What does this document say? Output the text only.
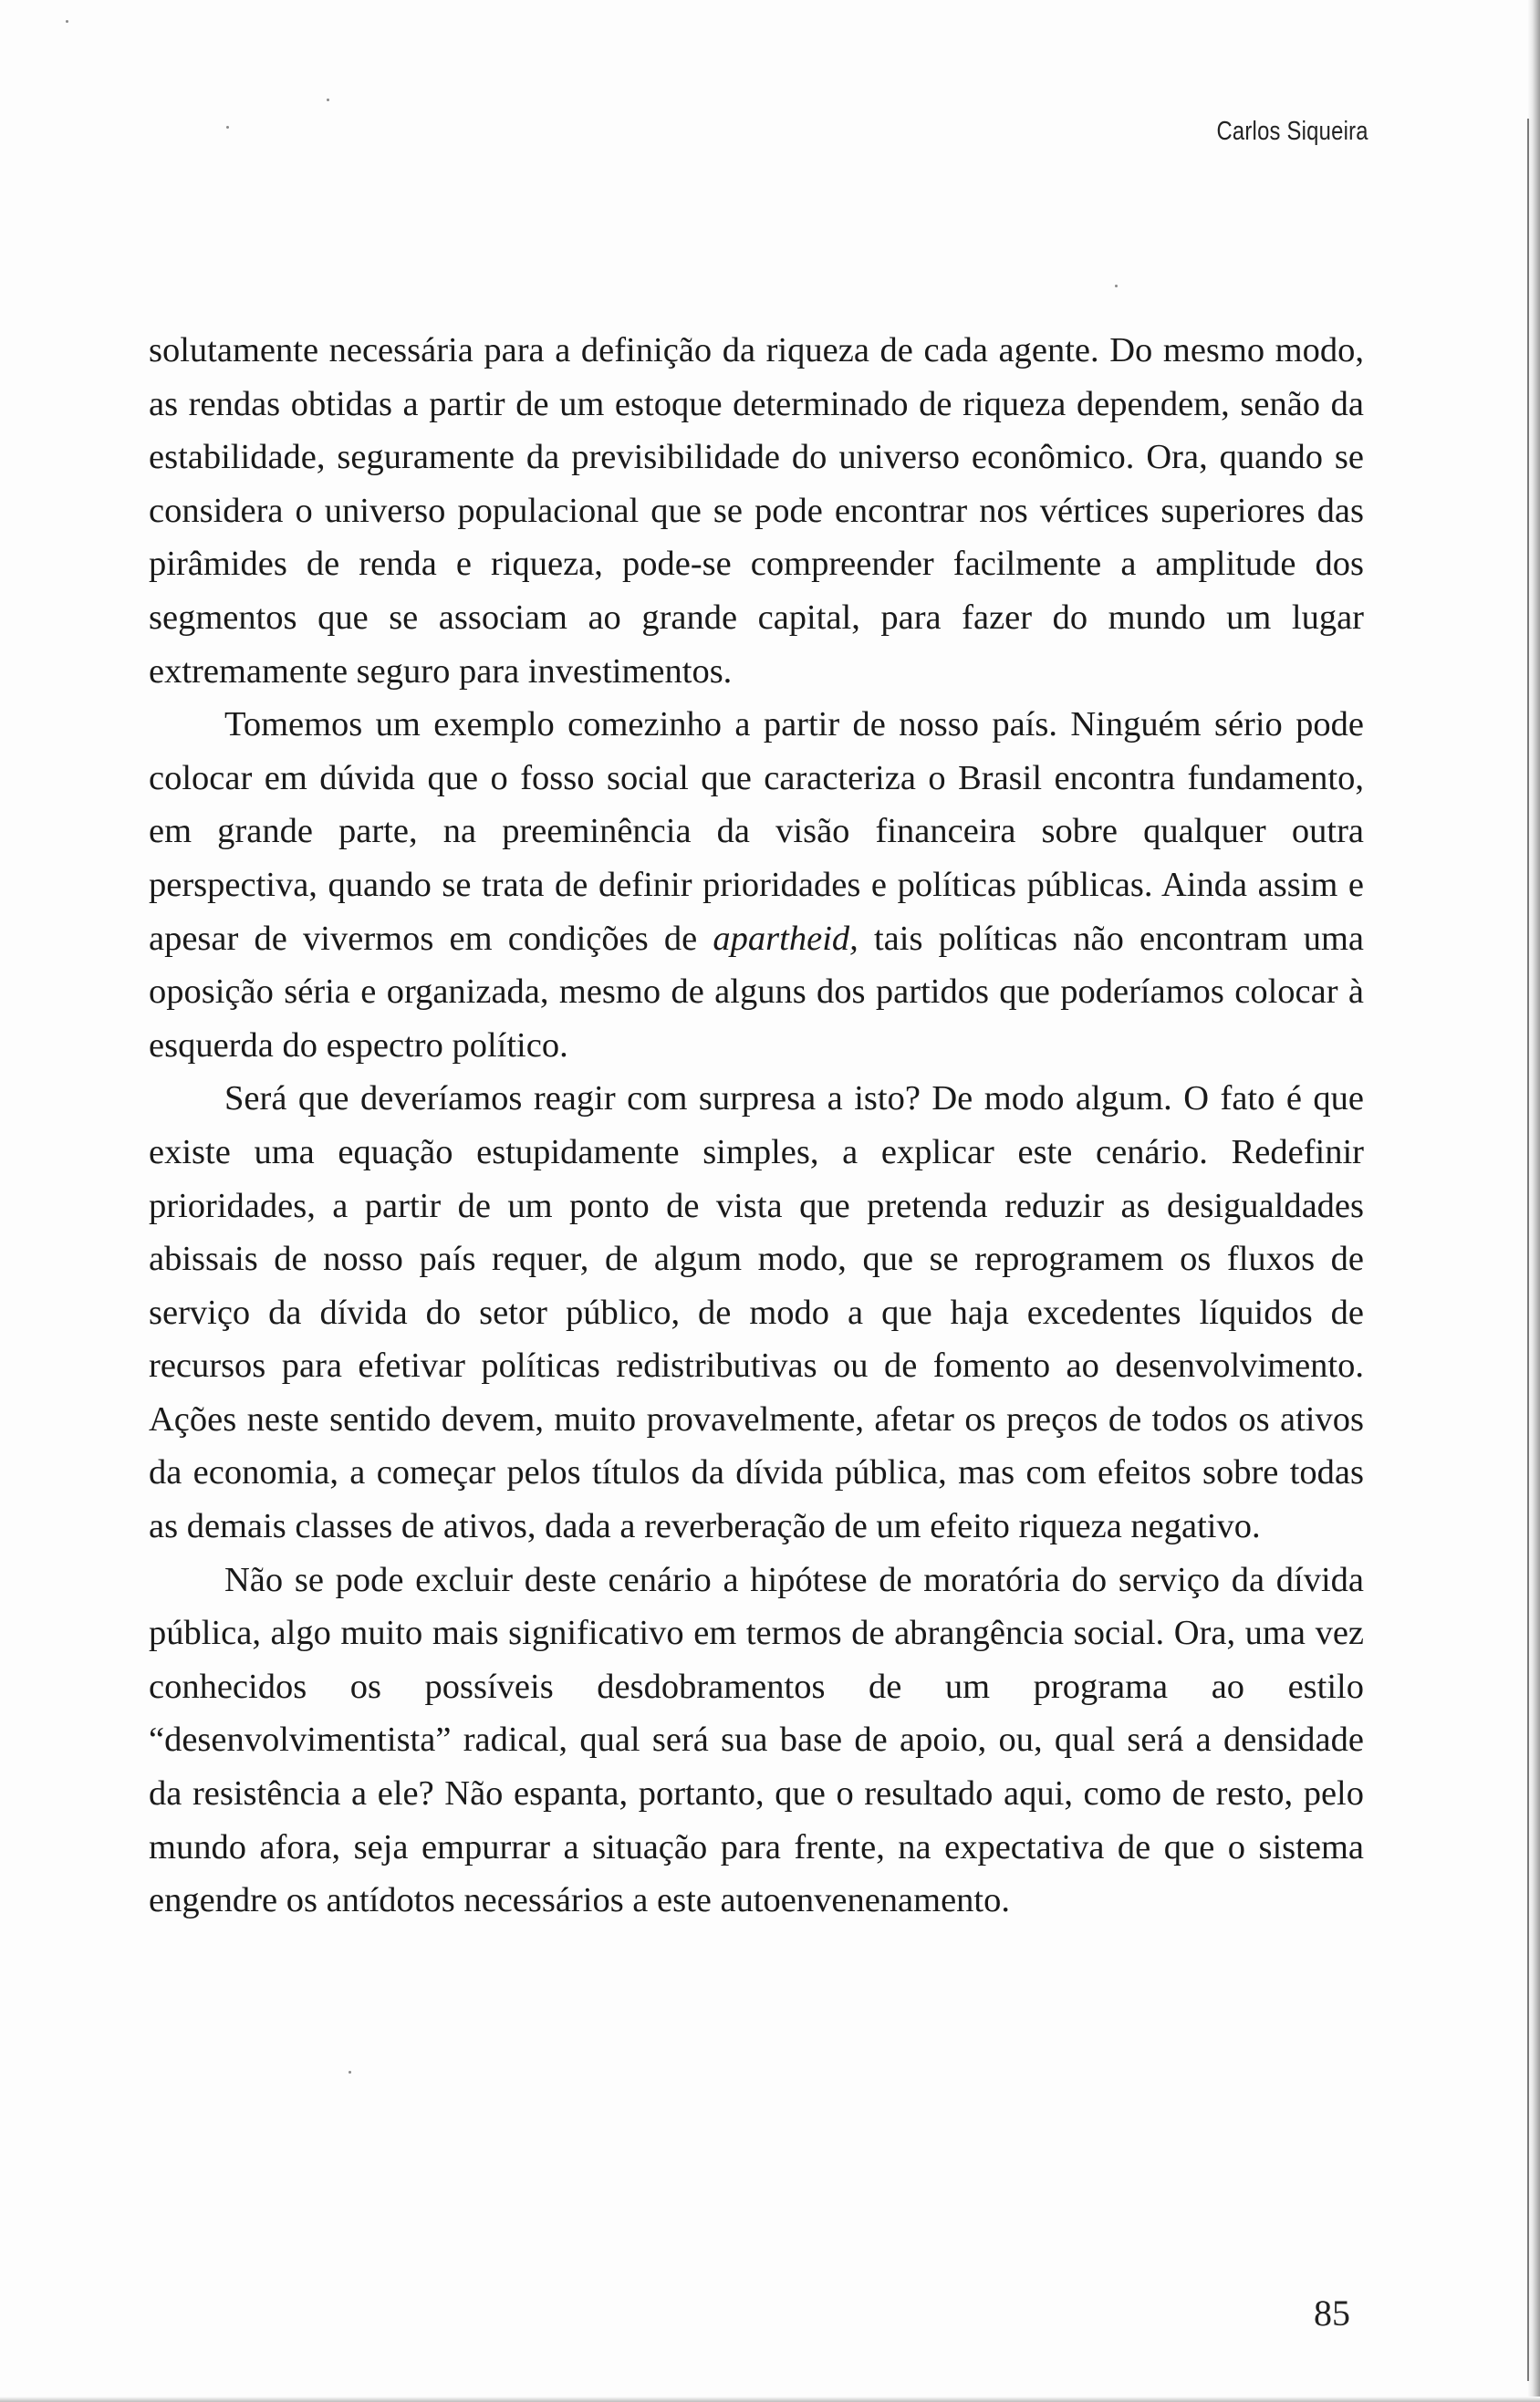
Carlos Siqueira

solutamente necessária para a definição da riqueza de cada agente. Do mesmo modo, as rendas obtidas a partir de um estoque determinado de riqueza dependem, senão da estabilidade, seguramente da previsibilidade do universo econômico. Ora, quando se considera o universo populacional que se pode encontrar nos vértices superiores das pirâmides de renda e riqueza, pode-se compreender facilmente a amplitude dos segmentos que se associam ao grande capital, para fazer do mundo um lugar extremamente seguro para investimentos.

Tomemos um exemplo comezinho a partir de nosso país. Ninguém sério pode colocar em dúvida que o fosso social que caracteriza o Brasil encontra fundamento, em grande parte, na preeminência da visão financeira sobre qualquer outra perspectiva, quando se trata de definir prioridades e políticas públicas. Ainda assim e apesar de vivermos em condições de apartheid, tais políticas não encontram uma oposição séria e organizada, mesmo de alguns dos partidos que poderíamos colocar à esquerda do espectro político.

Será que deveríamos reagir com surpresa a isto? De modo algum. O fato é que existe uma equação estupidamente simples, a explicar este cenário. Redefinir prioridades, a partir de um ponto de vista que pretenda reduzir as desigualdades abissais de nosso país requer, de algum modo, que se reprogramem os fluxos de serviço da dívida do setor público, de modo a que haja excedentes líquidos de recursos para efetivar políticas redistributivas ou de fomento ao desenvolvimento. Ações neste sentido devem, muito provavelmente, afetar os preços de todos os ativos da economia, a começar pelos títulos da dívida pública, mas com efeitos sobre todas as demais classes de ativos, dada a reverberação de um efeito riqueza negativo.

Não se pode excluir deste cenário a hipótese de moratória do serviço da dívida pública, algo muito mais significativo em termos de abrangência social. Ora, uma vez conhecidos os possíveis desdobramentos de um programa ao estilo “desenvolvimentista” radical, qual será sua base de apoio, ou, qual será a densidade da resistência a ele? Não espanta, portanto, que o resultado aqui, como de resto, pelo mundo afora, seja empurrar a situação para frente, na expectativa de que o sistema engendre os antídotos necessários a este autoenvenenamento.

85
